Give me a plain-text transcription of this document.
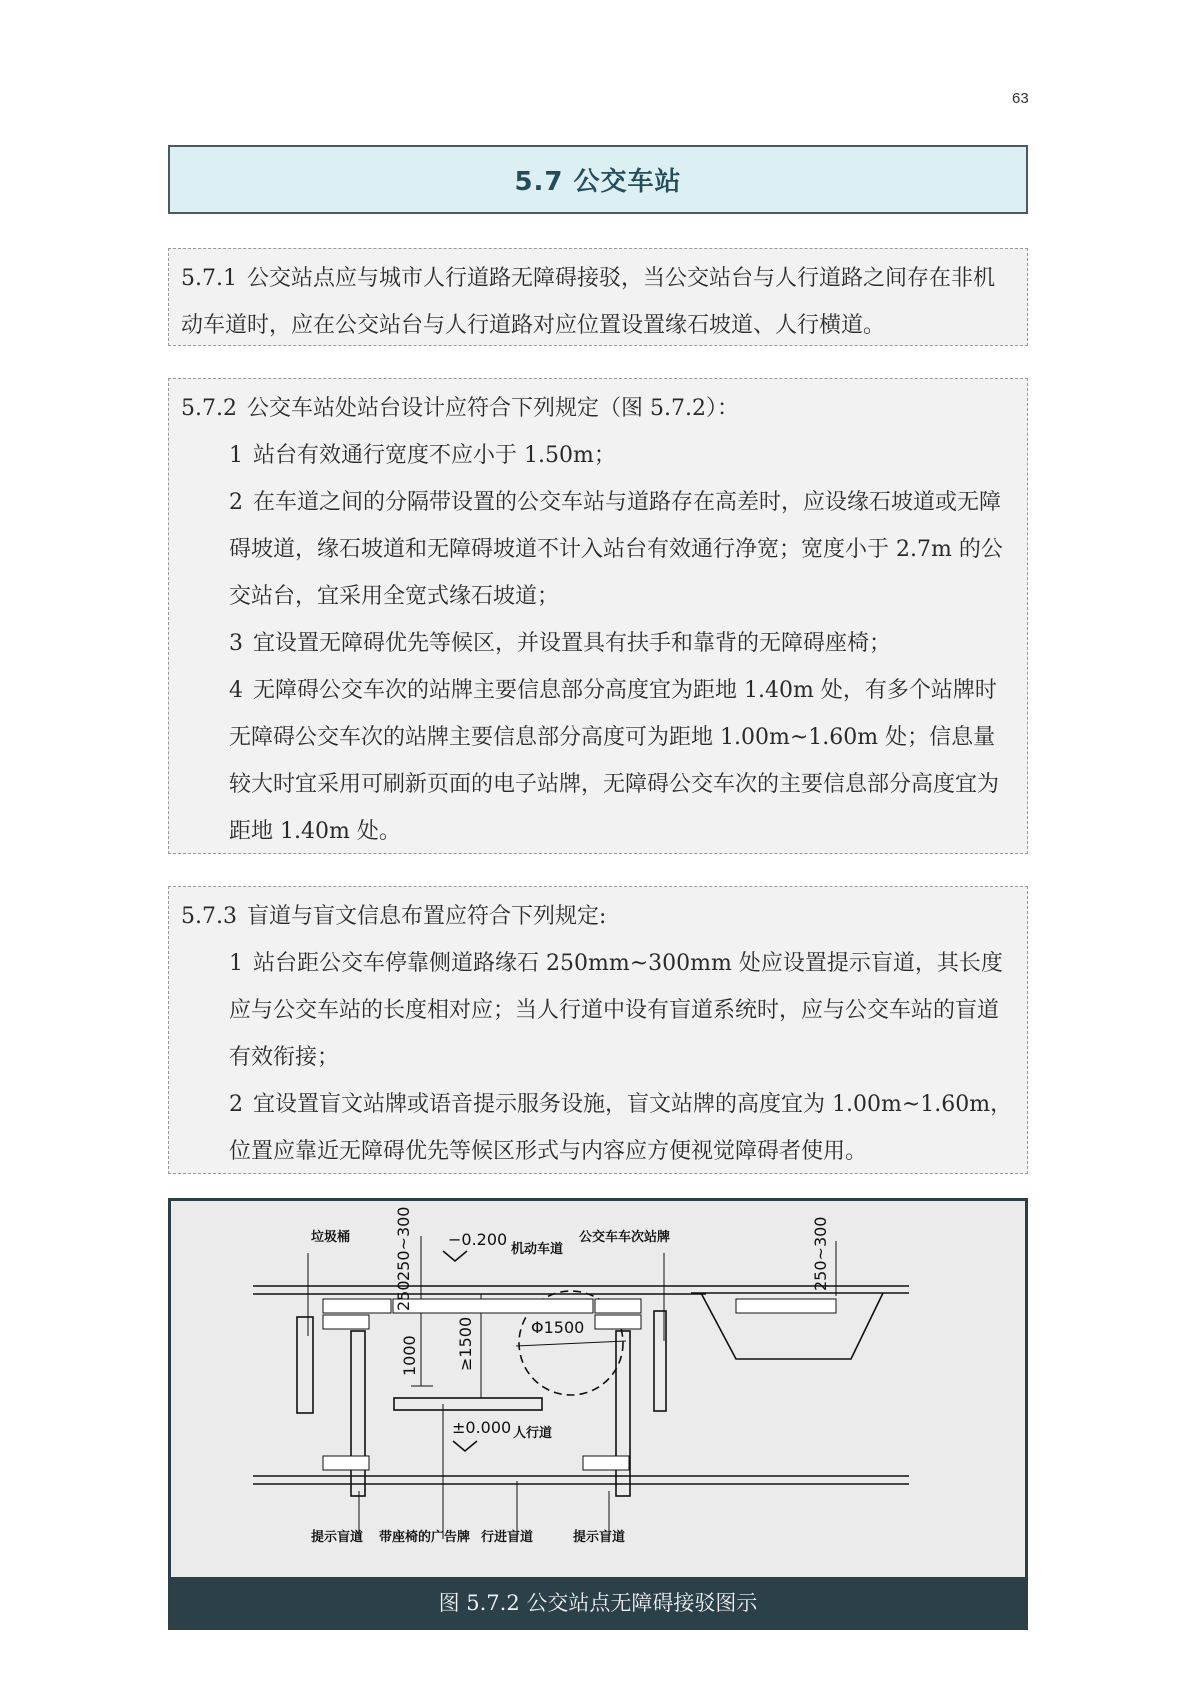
63
5.7 公交车站

5.7.1 公交站点应与城市人行道路无障碍接驳，当公交站台与人行道路之间存在非机动车道时，应在公交站台与人行道路对应位置设置缘石坡道、人行横道。

5.7.2 公交车站处站台设计应符合下列规定（图 5.7.2）：

1 站台有效通行宽度不应小于 1.50m；

2 在车道之间的分隔带设置的公交车站与道路存在高差时，应设缘石坡道或无障碍坡道，缘石坡道和无障碍坡道不计入站台有效通行净宽；宽度小于 2.7m 的公交站台，宜采用全宽式缘石坡道；

3 宜设置无障碍优先等候区，并设置具有扶手和靠背的无障碍座椅；

4 无障碍公交车次的站牌主要信息部分高度宜为距地 1.40m 处，有多个站牌时无障碍公交车次的站牌主要信息部分高度可为距地 1.00m~1.60m 处；信息量较大时宜采用可刷新页面的电子站牌，无障碍公交车次的主要信息部分高度宜为距地 1.40m 处。

5.7.3 盲道与盲文信息布置应符合下列规定:

1 站台距公交车停靠侧道路缘石 250mm~300mm 处应设置提示盲道，其长度应与公交车站的长度相对应；当人行道中设有盲道系统时，应与公交车站的盲道有效衔接；

2 宜设置盲文站牌或语音提示服务设施，盲文站牌的高度宜为 1.00m~1.60m，位置应靠近无障碍优先等候区形式与内容应方便视觉障碍者使用。

垃圾桶	−0.200
机动车道
公交车车次站牌
250~300
250
1000 ≥1500	Φ1500
±0.000 人行道
250~300
提示盲道 带座椅的广告牌 行进盲道	提示盲道
图 5.7.2 公交站点无障碍接驳图示
